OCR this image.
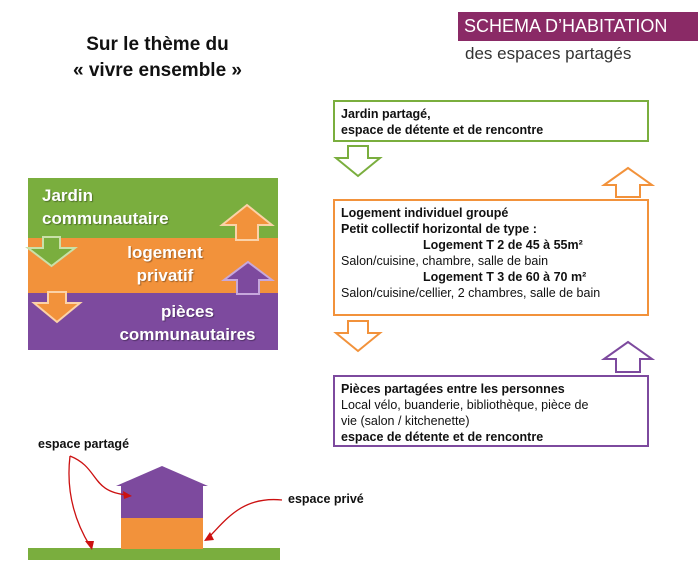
Sur le thème du
« vivre ensemble »
SCHEMA D’HABITATION
des espaces partagés
Jardin
communautaire
logement
privatif
pièces
communautaires
Jardin partagé,
espace de détente et de rencontre
Logement individuel groupé
Petit collectif horizontal de type :
Logement T 2 de 45 à 55m²
Salon/cuisine, chambre, salle de bain
Logement T 3 de 60 à 70 m²
Salon/cuisine/cellier, 2 chambres, salle de bain
Pièces partagées entre les personnes
Local vélo, buanderie, bibliothèque, pièce de
vie (salon / kitchenette)
espace de détente et de rencontre
espace partagé
espace privé
